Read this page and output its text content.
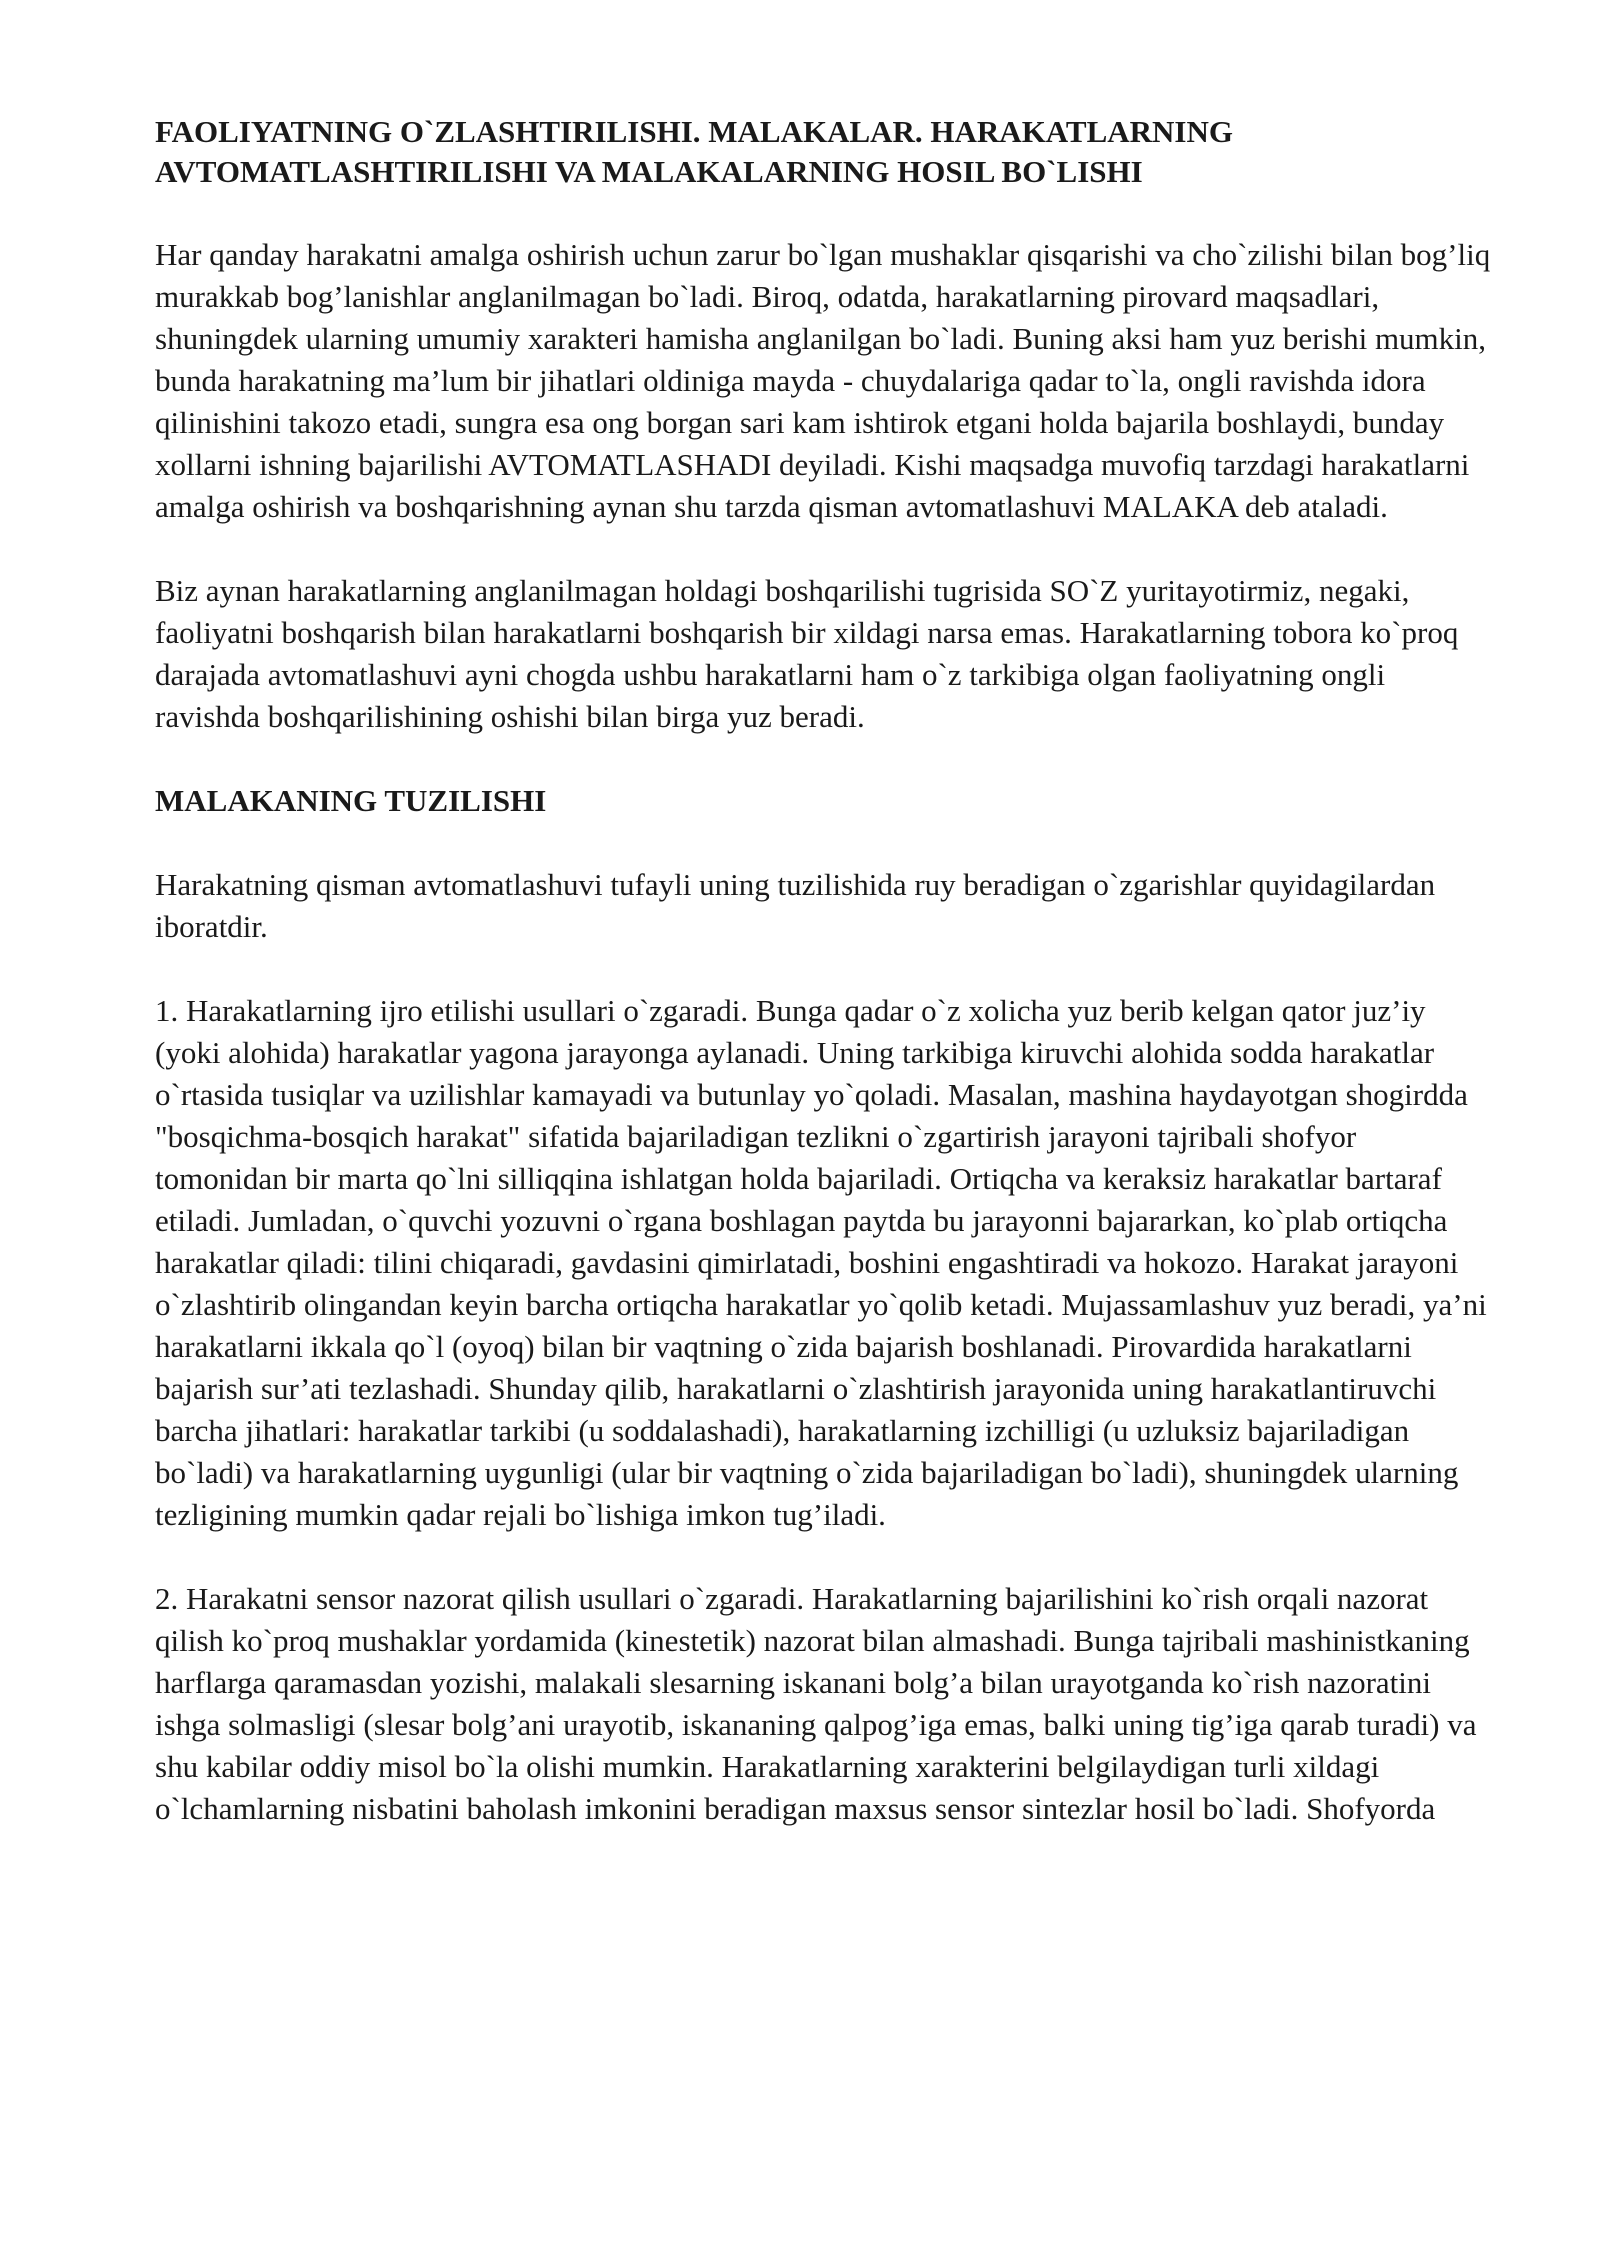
FAOLIYATNING O`ZLASHTIRILISHI. MALAKALAR. HARAKATLARNING
AVTOMATLASHTIRILISHI VA MALAKALARNING HOSIL BO`LISHI

Har qanday harakatni amalga oshirish uchun zarur bo`lgan mushaklar qisqarishi va cho`zilishi bilan bog’liq murakkab bog’lanishlar anglanilmagan bo`ladi. Biroq, odatda, harakatlarning pirovard maqsadlari, shuningdek ularning umumiy xarakteri hamisha anglanilgan bo`ladi. Buning aksi ham yuz berishi mumkin, bunda harakatning ma’lum bir jihatlari oldiniga mayda - chuydalariga qadar to`la, ongli ravishda idora qilinishini takozo etadi, sungra esa ong borgan sari kam ishtirok etgani holda bajarila boshlaydi, bunday xollarni ishning bajarilishi AVTOMATLASHADI deyiladi. Kishi maqsadga muvofiq tarzdagi harakatlarni amalga oshirish va boshqarishning aynan shu tarzda qisman avtomatlashuvi MALAKA deb ataladi.

Biz aynan harakatlarning anglanilmagan holdagi boshqarilishi tugrisida SO`Z yuritayotirmiz, negaki, faoliyatni boshqarish bilan harakatlarni boshqarish bir xildagi narsa emas. Harakatlarning tobora ko`proq darajada avtomatlashuvi ayni chogda ushbu harakatlarni ham o`z tarkibiga olgan faoliyatning ongli ravishda boshqarilishining oshishi bilan birga yuz beradi.

MALAKANING TUZILISHI

Harakatning qisman avtomatlashuvi tufayli uning tuzilishida ruy beradigan o`zgarishlar quyidagilardan iboratdir.

1. Harakatlarning ijro etilishi usullari o`zgaradi. Bunga qadar o`z xolicha yuz berib kelgan qator juz’iy (yoki alohida) harakatlar yagona jarayonga aylanadi. Uning tarkibiga kiruvchi alohida sodda harakatlar o`rtasida tusiqlar va uzilishlar kamayadi va butunlay yo`qoladi. Masalan, mashina haydayotgan shogirdda "bosqichma-bosqich harakat" sifatida bajariladigan tezlikni o`zgartirish jarayoni tajribali shofyor tomonidan bir marta qo`lni silliqqina ishlatgan holda bajariladi. Ortiqcha va keraksiz harakatlar bartaraf etiladi. Jumladan, o`quvchi yozuvni o`rgana boshlagan paytda bu jarayonni bajararkan, ko`plab ortiqcha harakatlar qiladi: tilini chiqaradi, gavdasini qimirlatadi, boshini engashtiradi va hokozo. Harakat jarayoni o`zlashtirib olingandan keyin barcha ortiqcha harakatlar yo`qolib ketadi. Mujassamlashuv yuz beradi, ya’ni harakatlarni ikkala qo`l (oyoq) bilan bir vaqtning o`zida bajarish boshlanadi. Pirovardida harakatlarni bajarish sur’ati tezlashadi. Shunday qilib, harakatlarni o`zlashtirish jarayonida uning harakatlantiruvchi barcha jihatlari: harakatlar tarkibi (u soddalashadi), harakatlarning izchilligi (u uzluksiz bajariladigan bo`ladi) va harakatlarning uygunligi (ular bir vaqtning o`zida bajariladigan bo`ladi), shuningdek ularning tezligining mumkin qadar rejali bo`lishiga imkon tug’iladi.

2. Harakatni sensor nazorat qilish usullari o`zgaradi. Harakatlarning bajarilishini ko`rish orqali nazorat qilish ko`proq mushaklar yordamida (kinestetik) nazorat bilan almashadi. Bunga tajribali mashinistkaning harflarga qaramasdan yozishi, malakali slesarning iskanani bolg’a bilan urayotganda ko`rish nazoratini ishga solmasligi (slesar bolg’ani urayotib, iskananing qalpog’iga emas, balki uning tig’iga qarab turadi) va shu kabilar oddiy misol bo`la olishi mumkin. Harakatlarning xarakterini belgilaydigan turli xildagi o`lchamlarning nisbatini baholash imkonini beradigan maxsus sensor sintezlar hosil bo`ladi. Shofyorda
